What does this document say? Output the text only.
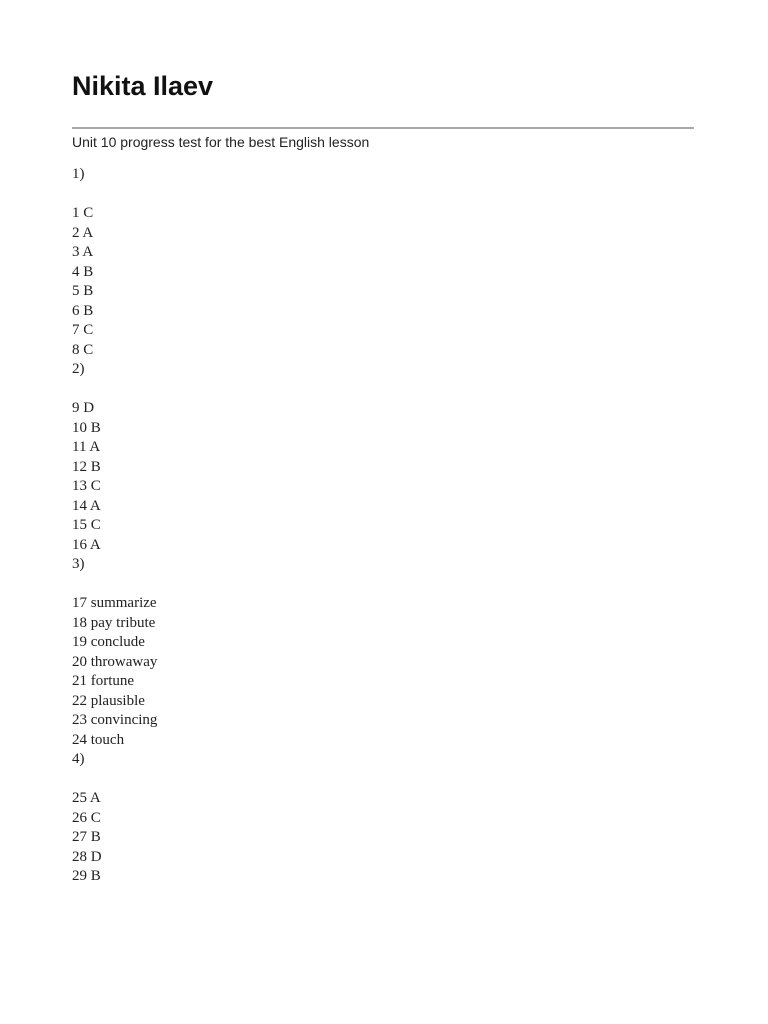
Nikita Ilaev
Unit 10 progress test for the best English lesson
1)
1 C
2 A
3 A
4 B
5 B
6 B
7 C
8 C
2)
9 D
10 B
11 A
12 B
13 C
14 A
15 C
16 A
3)
17 summarize
18 pay tribute
19 conclude
20 throwaway
21 fortune
22 plausible
23 convincing
24 touch
4)
25 A
26 C
27 B
28 D
29 B
